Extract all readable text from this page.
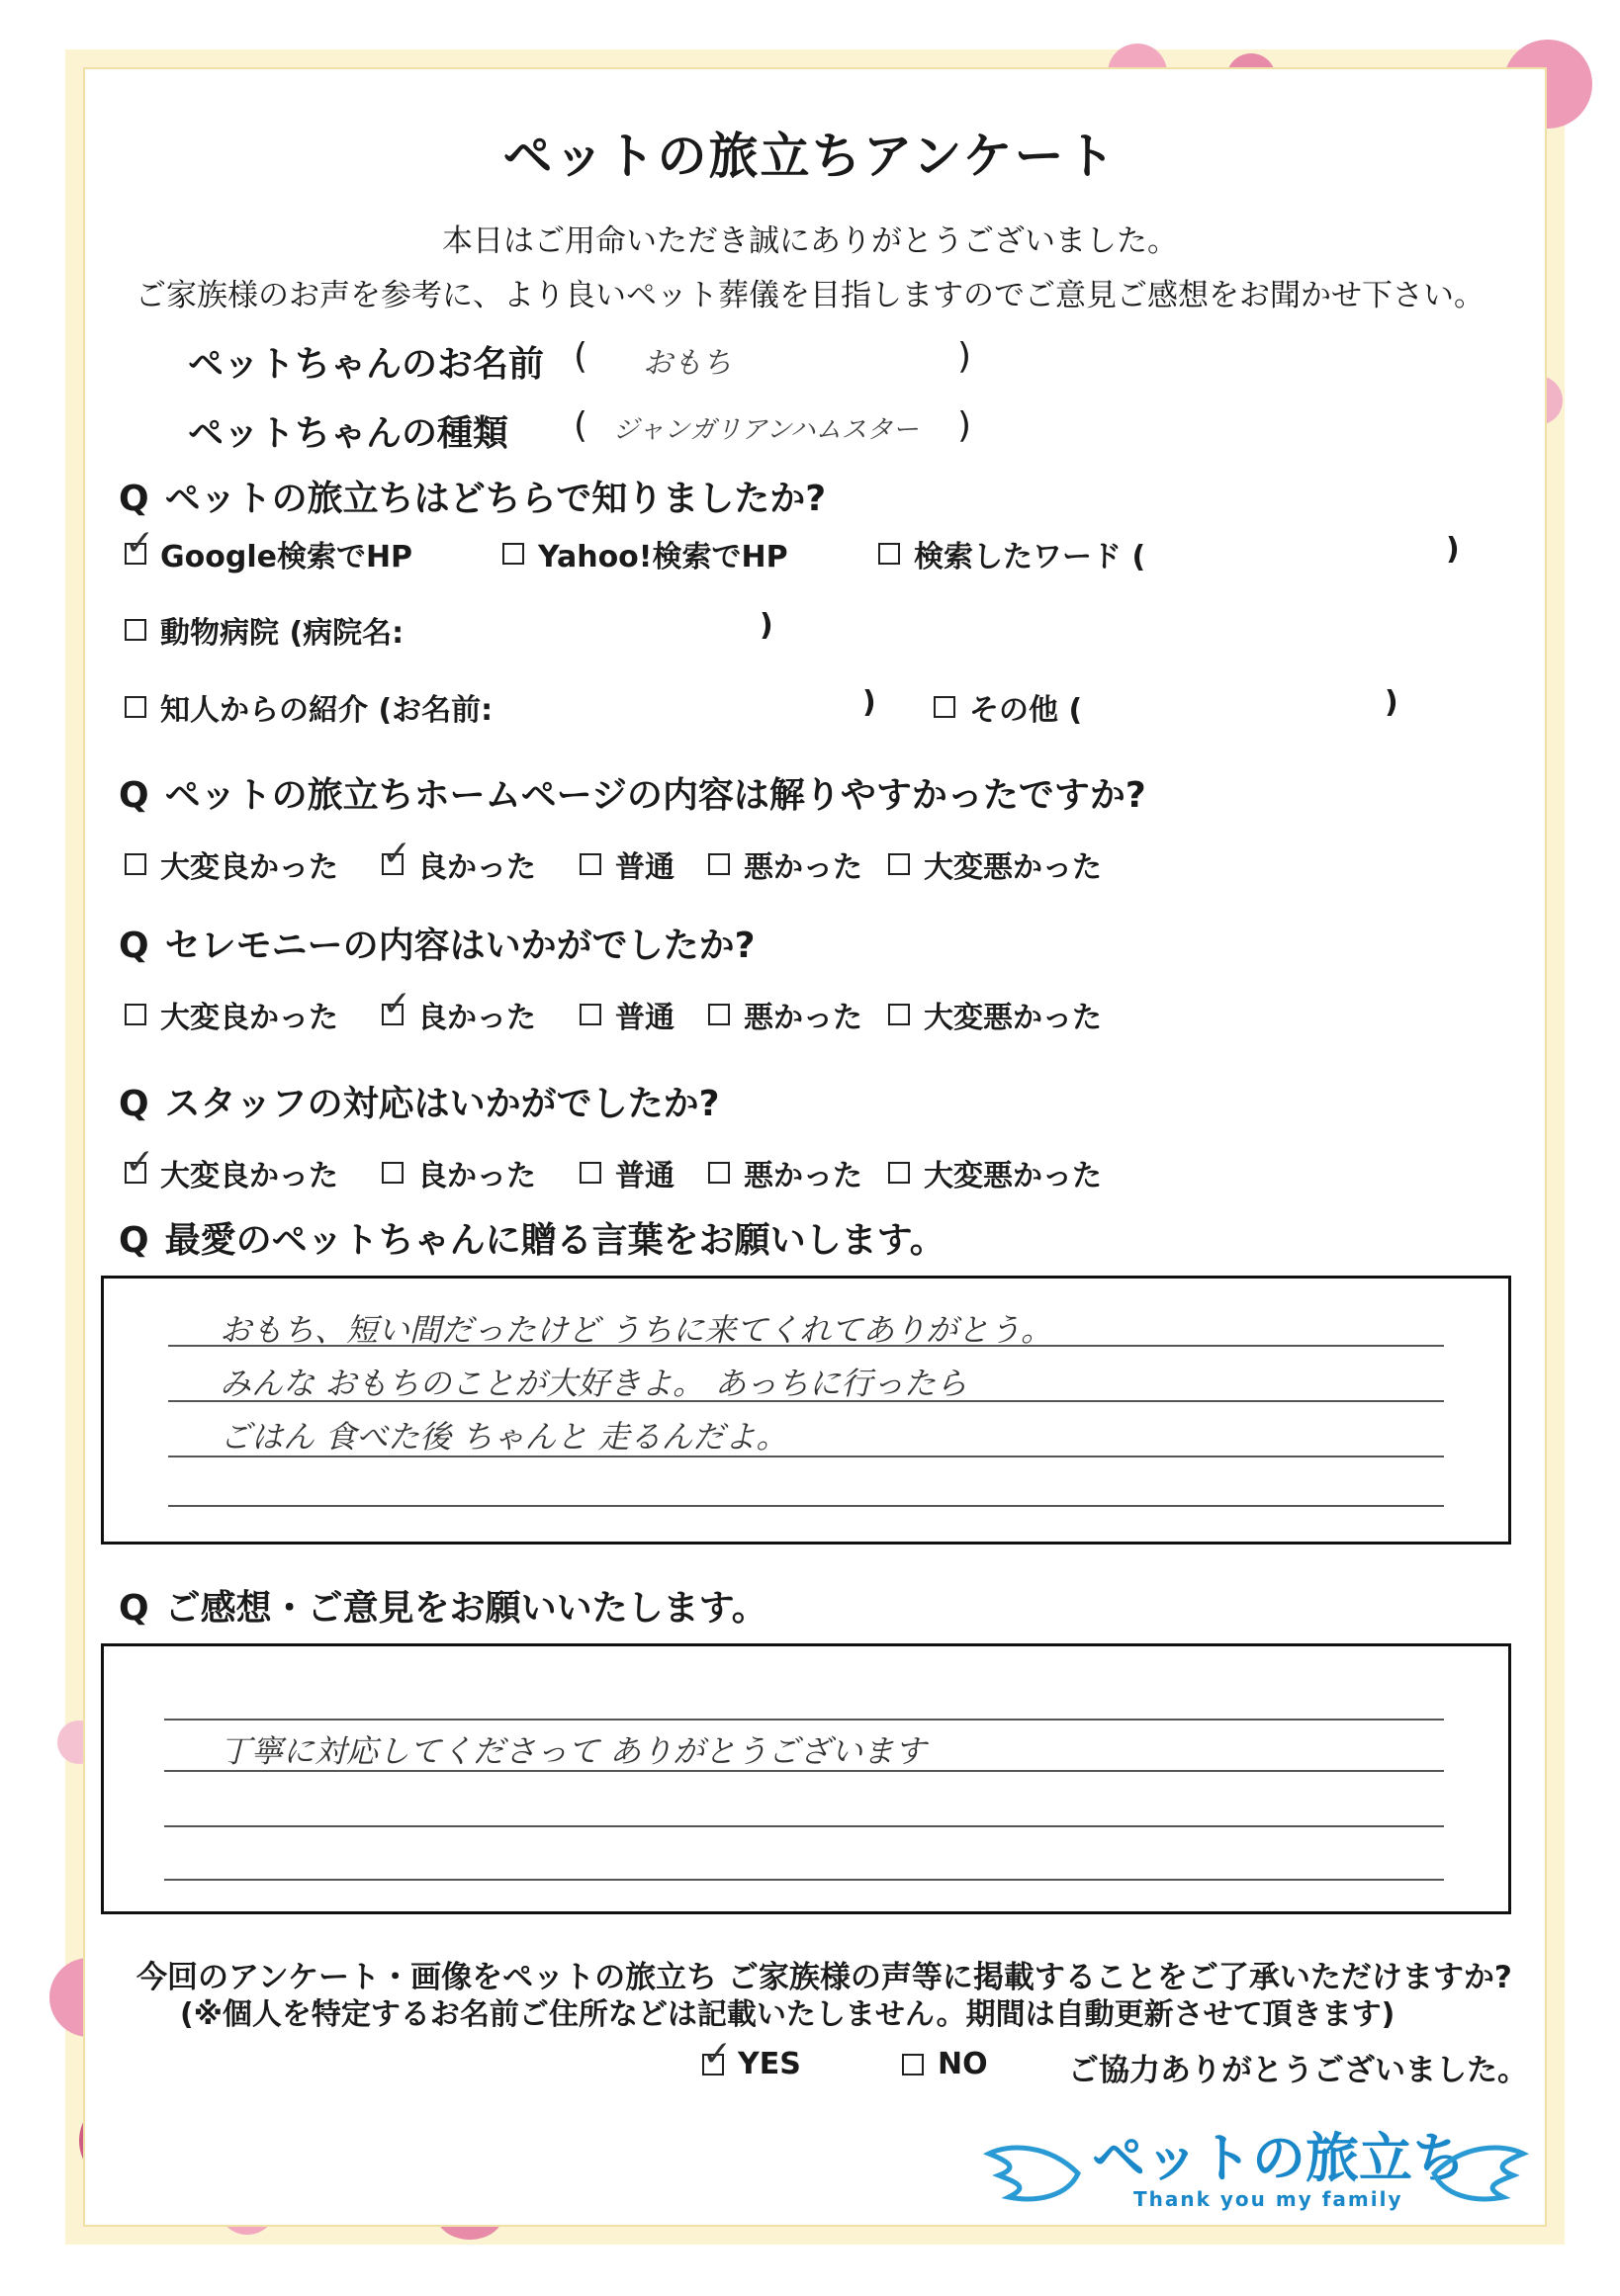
ペットの旅立ちアンケート
本日はご用命いただき誠にありがとうございました。
ご家族様のお声を参考に、より良いペット葬儀を目指しますのでご意見ご感想をお聞かせ下さい。
ペットちゃんのお名前 ( おもち	)
ペットちゃんの種類 ( ジャンガリアンハムスター )
Q ペットの旅立ちはどちらで知りましたか?
✓
Google検索でHP	Yahoo!検索でHP	検索したワード (	)
動物病院 (病院名:	)
知人からの紹介 (お名前:	)	その他 (	)
Q ペットの旅立ちホームページの内容は解りやすかったですか?
大変良かった ✓	良かった	普通 悪かった 大変悪かった
Q セレモニーの内容はいかがでしたか?
大変良かった ✓	良かった	普通 悪かった 大変悪かった
Q スタッフの対応はいかがでしたか?
✓
大変良かった	良かった	普通 悪かった 大変悪かった
Q 最愛のペットちゃんに贈る言葉をお願いします。
おもち、短い間だったけど うちに来てくれてありがとう。
みんな おもちのことが大好きよ。 あっちに行ったら
ごはん 食べた後 ちゃんと 走るんだよ。
Q ご感想・ご意見をお願いいたします。
丁寧に対応してくださって ありがとうございます
今回のアンケート・画像をペットの旅立ち ご家族様の声等に掲載することをご了承いただけますか?
(※個人を特定するお名前ご住所などは記載いたしません。期間は自動更新させて頂きます)
✓
YES	NO	ご協力ありがとうございました。
ペットの旅立ち
Thank you my family
